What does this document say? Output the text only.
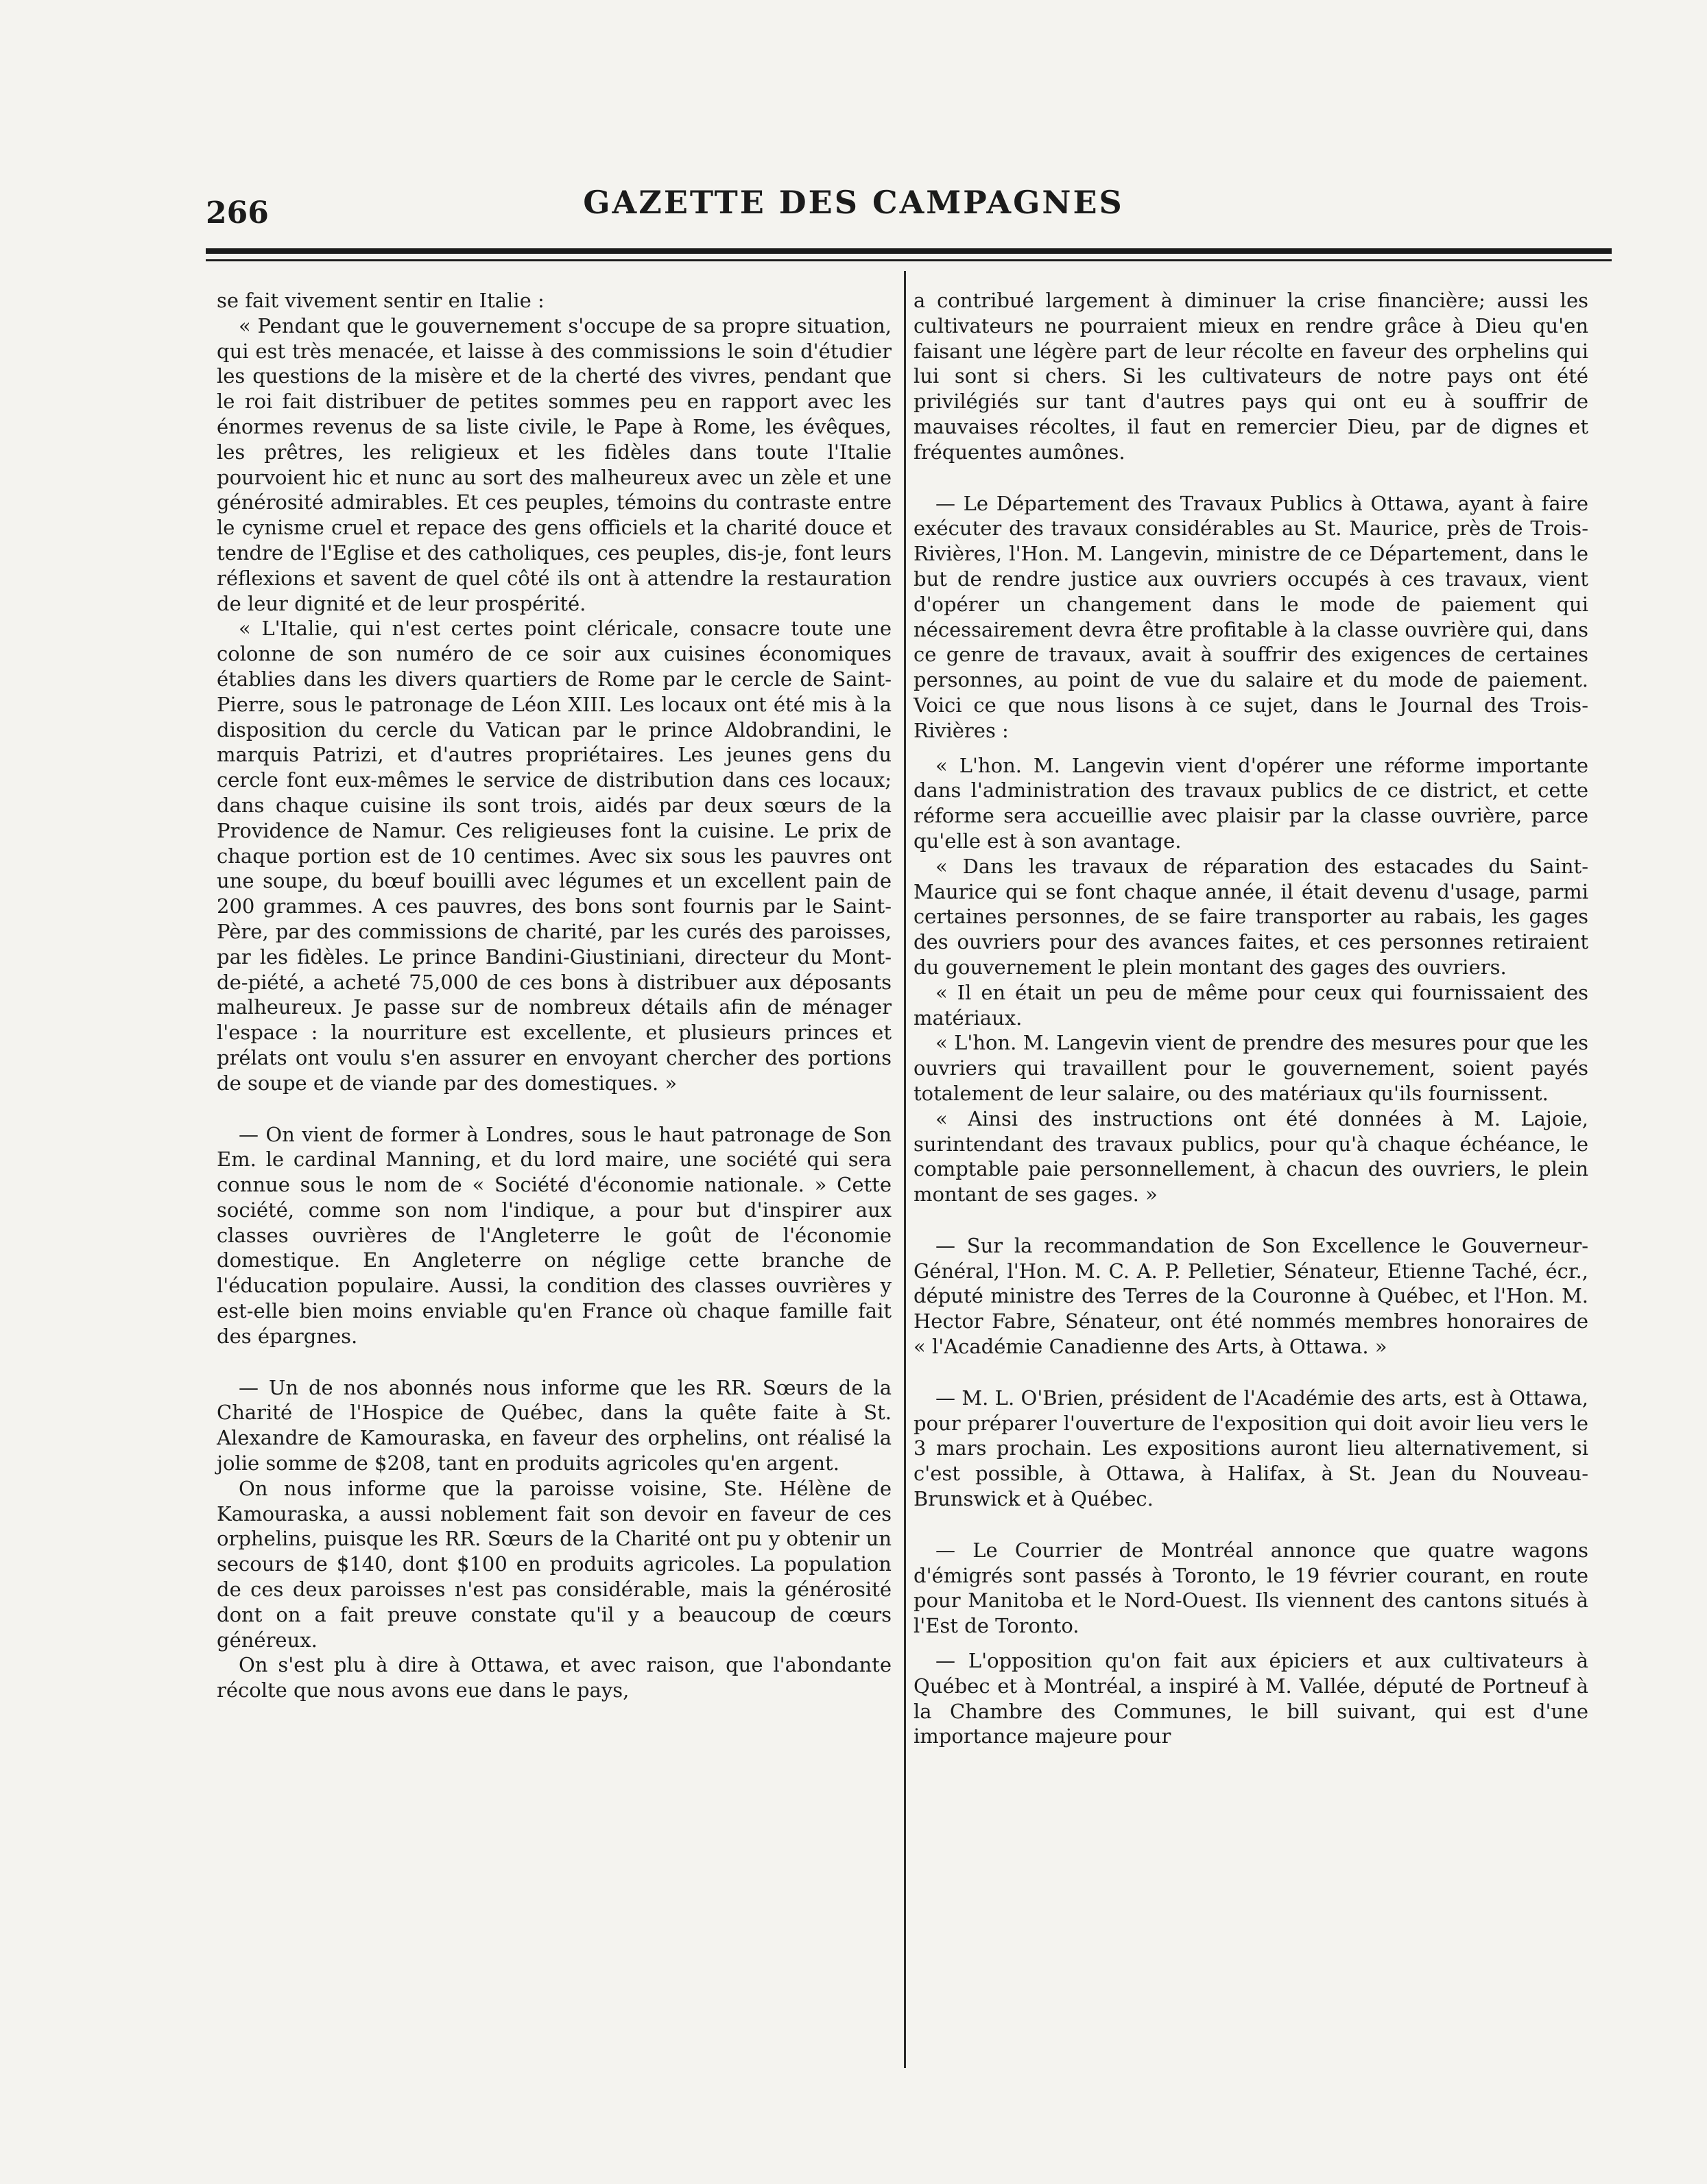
266	GAZETTE DES CAMPAGNES

se fait vivement sentir en Italie :

« Pendant que le gouvernement s'occupe de sa propre situation, qui est très menacée, et laisse à des commissions le soin d'étudier les questions de la misère et de la cherté des vivres, pendant que le roi fait distribuer de petites sommes peu en rapport avec les énormes revenus de sa liste civile, le Pape à Rome, les évêques, les prêtres, les religieux et les fidèles dans toute l'Italie pourvoient hic et nunc au sort des malheureux avec un zèle et une générosité admirables. Et ces peuples, témoins du contraste entre le cynisme cruel et repace des gens officiels et la charité douce et tendre de l'Eglise et des catholiques, ces peuples, dis-je, font leurs réflexions et savent de quel côté ils ont à attendre la restauration de leur dignité et de leur prospérité.

« L'Italie, qui n'est certes point cléricale, consacre toute une colonne de son numéro de ce soir aux cuisines économiques établies dans les divers quartiers de Rome par le cercle de Saint-Pierre, sous le patronage de Léon XIII. Les locaux ont été mis à la disposition du cercle du Vatican par le prince Aldobrandini, le marquis Patrizi, et d'autres propriétaires. Les jeunes gens du cercle font eux-mêmes le service de distribution dans ces locaux; dans chaque cuisine ils sont trois, aidés par deux sœurs de la Providence de Namur. Ces religieuses font la cuisine. Le prix de chaque portion est de 10 centimes. Avec six sous les pauvres ont une soupe, du bœuf bouilli avec légumes et un excellent pain de 200 grammes. A ces pauvres, des bons sont fournis par le Saint-Père, par des commissions de charité, par les curés des paroisses, par les fidèles. Le prince Bandini-Giustiniani, directeur du Mont-de-piété, a acheté 75,000 de ces bons à distribuer aux déposants malheureux. Je passe sur de nombreux détails afin de ménager l'espace : la nourriture est excellente, et plusieurs princes et prélats ont voulu s'en assurer en envoyant chercher des portions de soupe et de viande par des domestiques. »

— On vient de former à Londres, sous le haut patronage de Son Em. le cardinal Manning, et du lord maire, une société qui sera connue sous le nom de « Société d'économie nationale. » Cette société, comme son nom l'indique, a pour but d'inspirer aux classes ouvrières de l'Angleterre le goût de l'économie domestique. En Angleterre on néglige cette branche de l'éducation populaire. Aussi, la condition des classes ouvrières y est-elle bien moins enviable qu'en France où chaque famille fait des épargnes.

— Un de nos abonnés nous informe que les RR. Sœurs de la Charité de l'Hospice de Québec, dans la quête faite à St. Alexandre de Kamouraska, en faveur des orphelins, ont réalisé la jolie somme de $208, tant en produits agricoles qu'en argent.

On nous informe que la paroisse voisine, Ste. Hélène de Kamouraska, a aussi noblement fait son devoir en faveur de ces orphelins, puisque les RR. Sœurs de la Charité ont pu y obtenir un secours de $140, dont $100 en produits agricoles. La population de ces deux paroisses n'est pas considérable, mais la générosité dont on a fait preuve constate qu'il y a beaucoup de cœurs généreux.

On s'est plu à dire à Ottawa, et avec raison, que l'abondante récolte que nous avons eue dans le pays,

a contribué largement à diminuer la crise financière; aussi les cultivateurs ne pourraient mieux en rendre grâce à Dieu qu'en faisant une légère part de leur récolte en faveur des orphelins qui lui sont si chers. Si les cultivateurs de notre pays ont été privilégiés sur tant d'autres pays qui ont eu à souffrir de mauvaises récoltes, il faut en remercier Dieu, par de dignes et fréquentes aumônes.

— Le Département des Travaux Publics à Ottawa, ayant à faire exécuter des travaux considérables au St. Maurice, près de Trois-Rivières, l'Hon. M. Langevin, ministre de ce Département, dans le but de rendre justice aux ouvriers occupés à ces travaux, vient d'opérer un changement dans le mode de paiement qui nécessairement devra être profitable à la classe ouvrière qui, dans ce genre de travaux, avait à souffrir des exigences de certaines personnes, au point de vue du salaire et du mode de paiement. Voici ce que nous lisons à ce sujet, dans le Journal des Trois-Rivières :

« L'hon. M. Langevin vient d'opérer une réforme importante dans l'administration des travaux publics de ce district, et cette réforme sera accueillie avec plaisir par la classe ouvrière, parce qu'elle est à son avantage.

« Dans les travaux de réparation des estacades du Saint-Maurice qui se font chaque année, il était devenu d'usage, parmi certaines personnes, de se faire transporter au rabais, les gages des ouvriers pour des avances faites, et ces personnes retiraient du gouvernement le plein montant des gages des ouvriers.

« Il en était un peu de même pour ceux qui fournissaient des matériaux.

« L'hon. M. Langevin vient de prendre des mesures pour que les ouvriers qui travaillent pour le gouvernement, soient payés totalement de leur salaire, ou des matériaux qu'ils fournissent.

« Ainsi des instructions ont été données à M. Lajoie, surintendant des travaux publics, pour qu'à chaque échéance, le comptable paie personnellement, à chacun des ouvriers, le plein montant de ses gages. »

— Sur la recommandation de Son Excellence le Gouverneur-Général, l'Hon. M. C. A. P. Pelletier, Sénateur, Etienne Taché, écr., député ministre des Terres de la Couronne à Québec, et l'Hon. M. Hector Fabre, Sénateur, ont été nommés membres honoraires de « l'Académie Canadienne des Arts, à Ottawa. »

— M. L. O'Brien, président de l'Académie des arts, est à Ottawa, pour préparer l'ouverture de l'exposition qui doit avoir lieu vers le 3 mars prochain. Les expositions auront lieu alternativement, si c'est possible, à Ottawa, à Halifax, à St. Jean du Nouveau-Brunswick et à Québec.

— Le Courrier de Montréal annonce que quatre wagons d'émigrés sont passés à Toronto, le 19 février courant, en route pour Manitoba et le Nord-Ouest. Ils viennent des cantons situés à l'Est de Toronto.

— L'opposition qu'on fait aux épiciers et aux cultivateurs à Québec et à Montréal, a inspiré à M. Vallée, député de Portneuf à la Chambre des Communes, le bill suivant, qui est d'une importance majeure pour
